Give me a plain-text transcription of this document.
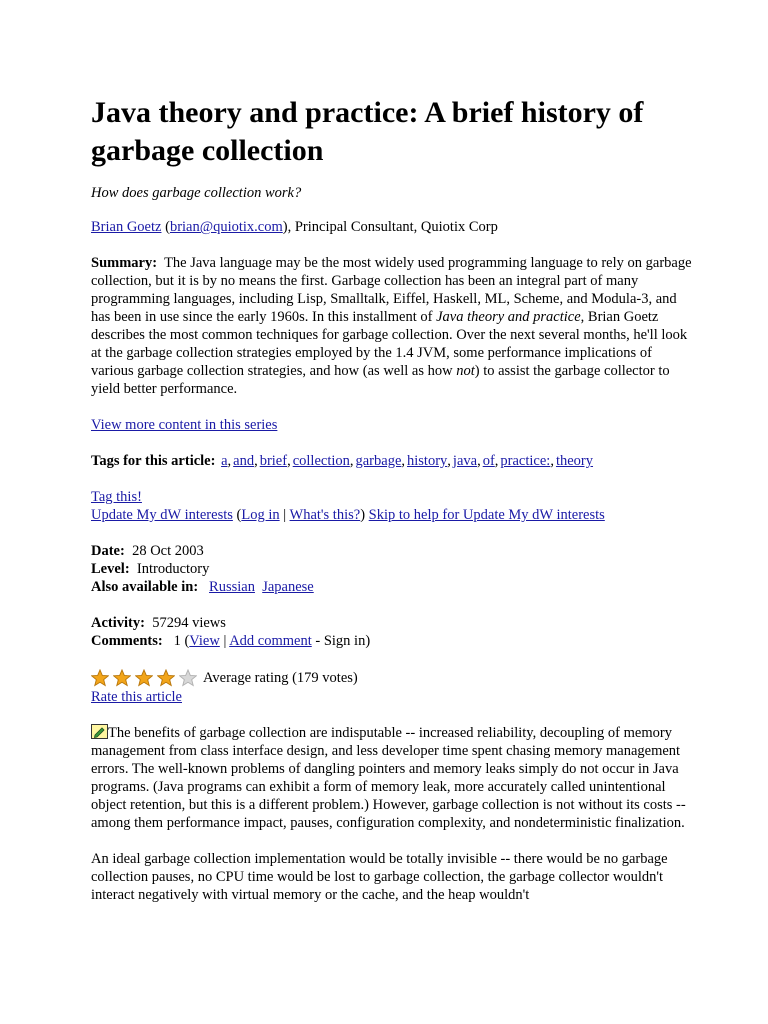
Java theory and practice: A brief history of garbage collection
How does garbage collection work?

Brian Goetz (brian@quiotix.com), Principal Consultant, Quiotix Corp

Summary: The Java language may be the most widely used programming language to rely on garbage collection, but it is by no means the first. Garbage collection has been an integral part of many programming languages, including Lisp, Smalltalk, Eiffel, Haskell, ML, Scheme, and Modula-3, and has been in use since the early 1960s. In this installment of Java theory and practice, Brian Goetz describes the most common techniques for garbage collection. Over the next several months, he'll look at the garbage collection strategies employed by the 1.4 JVM, some performance implications of various garbage collection strategies, and how (as well as how not) to assist the garbage collector to yield better performance.

View more content in this series

Tags for this article: a, and, brief, collection, garbage, history, java, of, practice:, theory

Tag this!
Update My dW interests (Log in | What's this?) Skip to help for Update My dW interests
Date: 28 Oct 2003
Level: Introductory
Also available in: Russian Japanese
Activity: 57294 views
Comments: 1 (View | Add comment - Sign in)
Average rating (179 votes)
Rate this article

The benefits of garbage collection are indisputable -- increased reliability, decoupling of memory management from class interface design, and less developer time spent chasing memory management errors. The well-known problems of dangling pointers and memory leaks simply do not occur in Java programs. (Java programs can exhibit a form of memory leak, more accurately called unintentional object retention, but this is a different problem.) However, garbage collection is not without its costs -- among them performance impact, pauses, configuration complexity, and nondeterministic finalization.

An ideal garbage collection implementation would be totally invisible -- there would be no garbage collection pauses, no CPU time would be lost to garbage collection, the garbage collector wouldn't interact negatively with virtual memory or the cache, and the heap wouldn't
